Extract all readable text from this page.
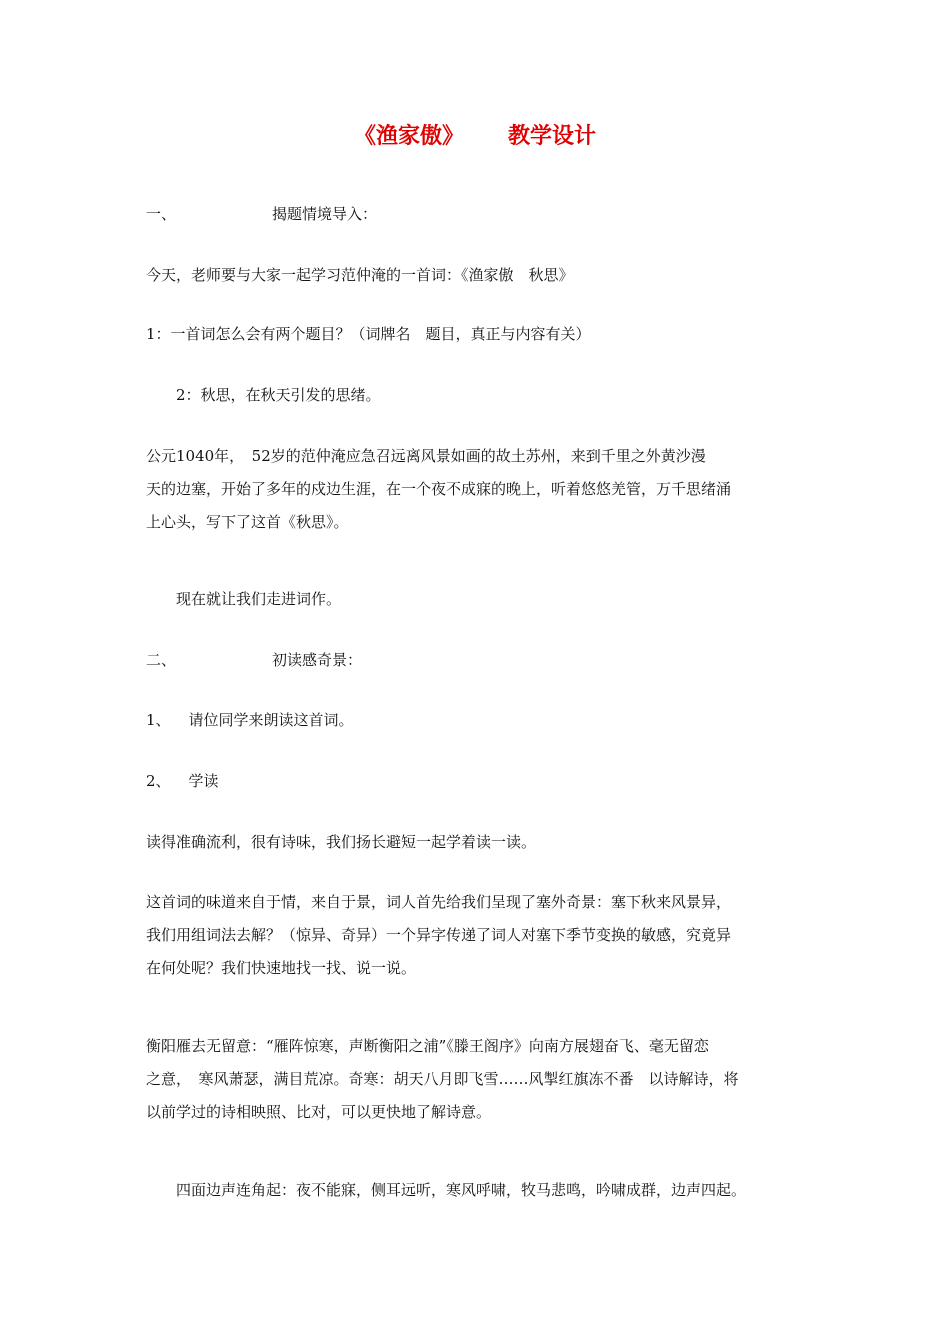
《渔家傲》 教学设计
一、	揭题情境导入：
今天，老师要与大家一起学习范仲淹的一首词：《渔家傲　秋思》
1：一首词怎么会有两个题目？（词牌名　题目，真正与内容有关）
2：秋思，在秋天引发的思绪。
公元1040年，　52岁的范仲淹应急召远离风景如画的故土苏州，来到千里之外黄沙漫
天的边塞，开始了多年的戍边生涯，在一个夜不成寐的晚上，听着悠悠羌管，万千思绪涌
上心头，写下了这首《秋思》。
现在就让我们走进词作。
二、	初读感奇景：
1、 请位同学来朗读这首词。
2、 学读
读得准确流利，很有诗味，我们扬长避短一起学着读一读。
这首词的味道来自于情，来自于景，词人首先给我们呈现了塞外奇景：塞下秋来风景异，
我们用组词法去解？（惊异、奇异）一个异字传递了词人对塞下季节变换的敏感，究竟异
在何处呢？我们快速地找一找、说一说。
衡阳雁去无留意：“雁阵惊寒，声断衡阳之浦”《滕王阁序》向南方展翅奋飞、毫无留恋
之意，　寒风萧瑟，满目荒凉。奇寒：胡天八月即飞雪……风掣红旗冻不番　以诗解诗，将
以前学过的诗相映照、比对，可以更快地了解诗意。
四面边声连角起：夜不能寐，侧耳远听，寒风呼啸，牧马悲鸣，吟啸成群，边声四起。
